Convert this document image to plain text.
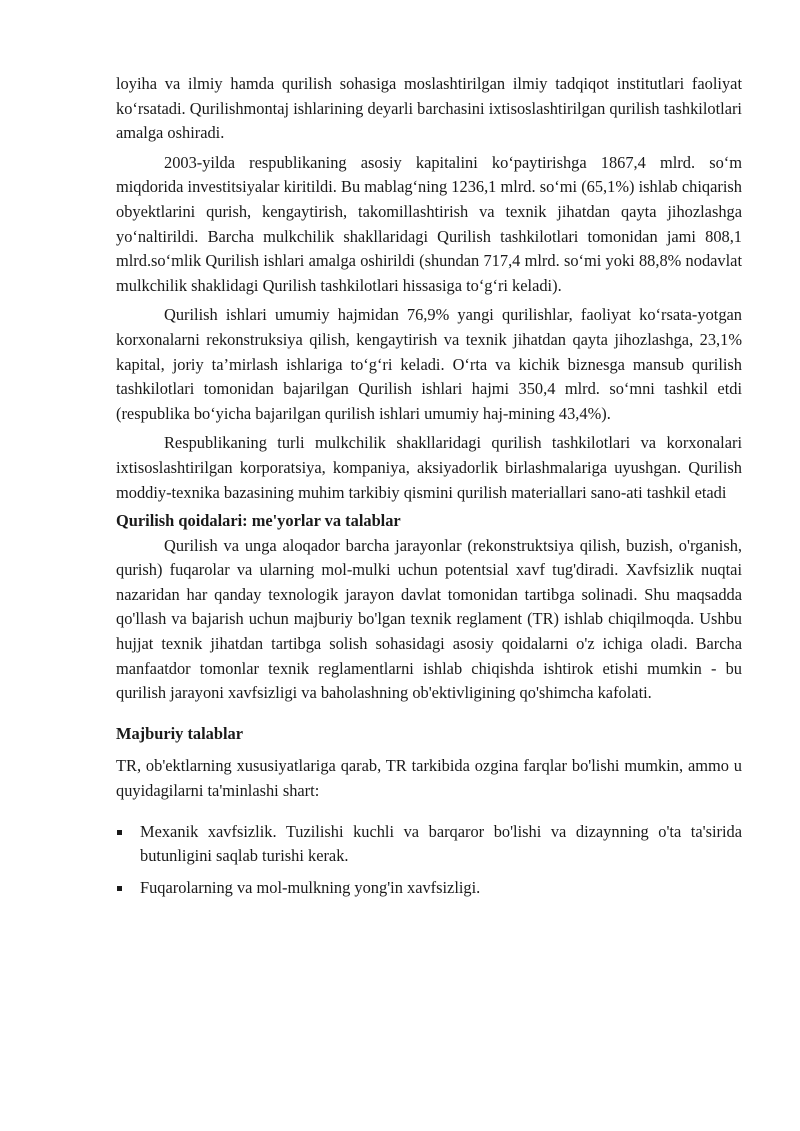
loyiha va ilmiy hamda qurilish sohasiga moslashtirilgan ilmiy tadqiqot institutlari faoliyat ko‘rsatadi. Qurilishmontaj ishlarining deyarli barchasini ixtisoslashtirilgan qurilish tashkilotlari amalga oshiradi.

2003-yilda respublikaning asosiy kapitalini ko‘paytirishga 1867,4 mlrd. so‘m miqdorida investitsiyalar kiritildi. Bu mablag‘ning 1236,1 mlrd. so‘mi (65,1%) ishlab chiqarish obyektlarini qurish, kengaytirish, takomillashtirish va texnik jihatdan qayta jihozlashga yo‘naltirildi. Barcha mulkchilik shakllaridagi Qurilish tashkilotlari tomonidan jami 808,1 mlrd.so‘mlik Qurilish ishlari amalga oshirildi (shundan 717,4 mlrd. so‘mi yoki 88,8% nodavlat mulkchilik shaklidagi Qurilish tashkilotlari hissasiga to‘g‘ri keladi).

Qurilish ishlari umumiy hajmidan 76,9% yangi qurilishlar, faoliyat ko‘rsata-yotgan korxonalarni rekonstruksiya qilish, kengaytirish va texnik jihatdan qayta jihozlashga, 23,1% kapital, joriy ta’mirlash ishlariga to‘g‘ri keladi. O‘rta va kichik biznesga mansub qurilish tashkilotlari tomonidan bajarilgan Qurilish ishlari hajmi 350,4 mlrd. so‘mni tashkil etdi (respublika bo‘yicha bajarilgan qurilish ishlari umumiy haj-mining 43,4%).

Respublikaning turli mulkchilik shakllaridagi qurilish tashkilotlari va korxonalari ixtisoslashtirilgan korporatsiya, kompaniya, aksiyadorlik birlashmalariga uyushgan. Qurilish moddiy-texnika bazasining muhim tarkibiy qismini qurilish materiallari sano-ati tashkil etadi

Qurilish qoidalari: me'yorlar va talablar

Qurilish va unga aloqador barcha jarayonlar (rekonstruktsiya qilish, buzish, o'rganish, qurish) fuqarolar va ularning mol-mulki uchun potentsial xavf tug'diradi. Xavfsizlik nuqtai nazaridan har qanday texnologik jarayon davlat tomonidan tartibga solinadi. Shu maqsadda qo'llash va bajarish uchun majburiy bo'lgan texnik reglament (TR) ishlab chiqilmoqda. Ushbu hujjat texnik jihatdan tartibga solish sohasidagi asosiy qoidalarni o'z ichiga oladi. Barcha manfaatdor tomonlar texnik reglamentlarni ishlab chiqishda ishtirok etishi mumkin - bu qurilish jarayoni xavfsizligi va baholashning ob'ektivligining qo'shimcha kafolati.

Majburiy talablar

TR, ob'ektlarning xususiyatlariga qarab, TR tarkibida ozgina farqlar bo'lishi mumkin, ammo u quyidagilarni ta'minlashi shart:

Mexanik xavfsizlik. Tuzilishi kuchli va barqaror bo'lishi va dizaynning o'ta ta'sirida butunligini saqlab turishi kerak.
Fuqarolarning va mol-mulkning yong'in xavfsizligi.
